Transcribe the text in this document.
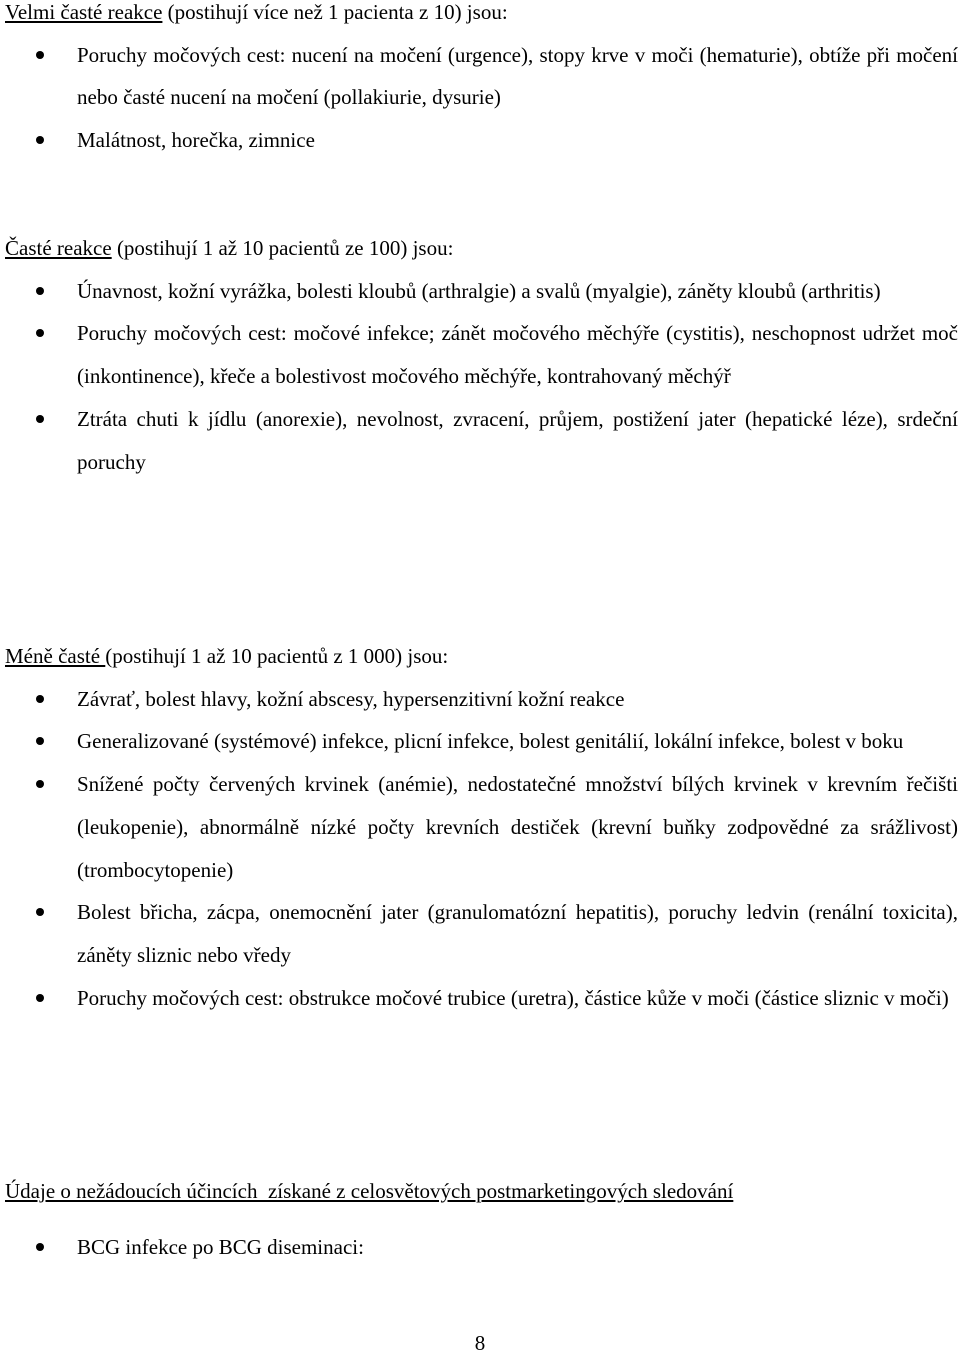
Velmi časté reakce (postihují více než 1 pacienta z 10) jsou:

Poruchy močových cest: nucení na močení (urgence), stopy krve v moči (hematurie), obtíže při močení nebo časté nucení na močení (pollakiurie, dysurie)
Malátnost, horečka, zimnice

Časté reakce (postihují 1 až 10 pacientů ze 100) jsou:

Únavnost, kožní vyrážka, bolesti kloubů (arthralgie) a svalů (myalgie), záněty kloubů (arthritis)
Poruchy močových cest: močové infekce; zánět močového měchýře (cystitis), neschopnost udržet moč (inkontinence), křeče a bolestivost močového měchýře, kontrahovaný měchýř
Ztráta chuti k jídlu (anorexie), nevolnost, zvracení, průjem, postižení jater (hepatické léze), srdeční poruchy

Méně časté (postihují 1 až 10 pacientů z 1 000) jsou:

Závrať, bolest hlavy, kožní abscesy, hypersenzitivní kožní reakce
Generalizované (systémové) infekce, plicní infekce, bolest genitálií, lokální infekce, bolest v boku
Snížené počty červených krvinek (anémie), nedostatečné množství bílých krvinek v krevním řečišti (leukopenie), abnormálně nízké počty krevních destiček (krevní buňky zodpovědné za srážlivost) (trombocytopenie)
Bolest břicha, zácpa, onemocnění jater (granulomatózní hepatitis), poruchy ledvin (renální toxicita), záněty sliznic nebo vředy
Poruchy močových cest: obstrukce močové trubice (uretra), částice kůže v moči (částice sliznic v moči)

Údaje o nežádoucích účincích  získané z celosvětových postmarketingových sledování

BCG infekce po BCG diseminaci:
8
